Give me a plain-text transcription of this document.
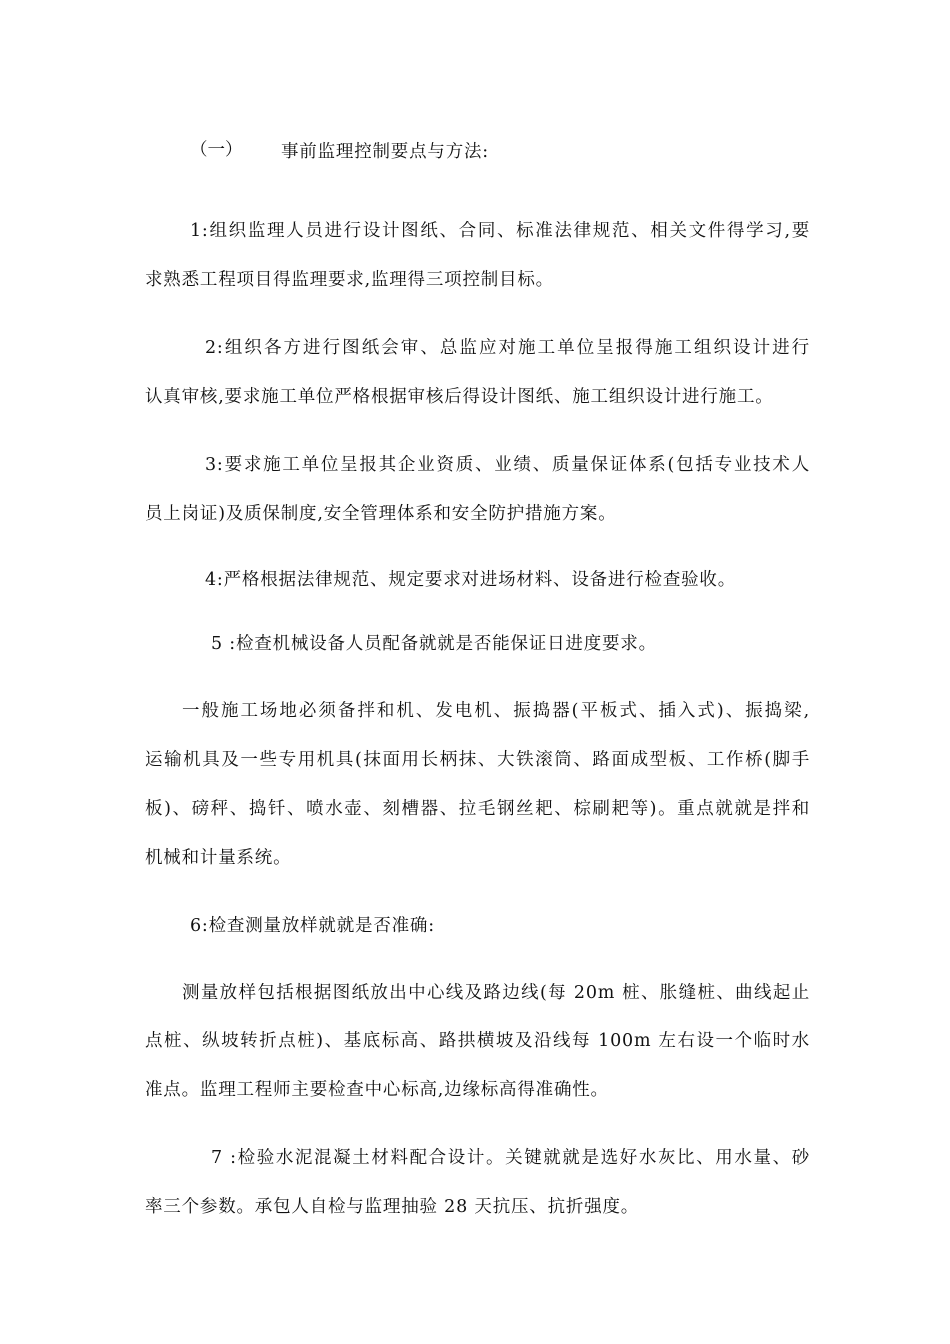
（一） 事前监理控制要点与方法:
1:组织监理人员进行设计图纸、合同、标准法律规范、相关文件得学习,要
求熟悉工程项目得监理要求,监理得三项控制目标。
2:组织各方进行图纸会审、总监应对施工单位呈报得施工组织设计进行
认真审核,要求施工单位严格根据审核后得设计图纸、施工组织设计进行施工。
3:要求施工单位呈报其企业资质、业绩、质量保证体系(包括专业技术人
员上岗证)及质保制度,安全管理体系和安全防护措施方案。
4:严格根据法律规范、规定要求对进场材料、设备进行检查验收。
5 :检查机械设备人员配备就就是否能保证日进度要求。
一般施工场地必须备拌和机、发电机、振捣器(平板式、插入式)、振捣梁,
运输机具及一些专用机具(抹面用长柄抹、大铁滚筒、路面成型板、工作桥(脚手
板)、磅秤、捣钎、喷水壶、刻槽器、拉毛钢丝耙、棕刷耙等)。重点就就是拌和
机械和计量系统。
6:检查测量放样就就是否准确:
测量放样包括根据图纸放出中心线及路边线(每 20m 桩、胀缝桩、曲线起止
点桩、纵坡转折点桩)、基底标高、路拱横坡及沿线每 100m 左右设一个临时水
准点。监理工程师主要检查中心标高,边缘标高得准确性。
7 :检验水泥混凝土材料配合设计。关键就就是选好水灰比、用水量、砂
率三个参数。承包人自检与监理抽验 28 天抗压、抗折强度。
